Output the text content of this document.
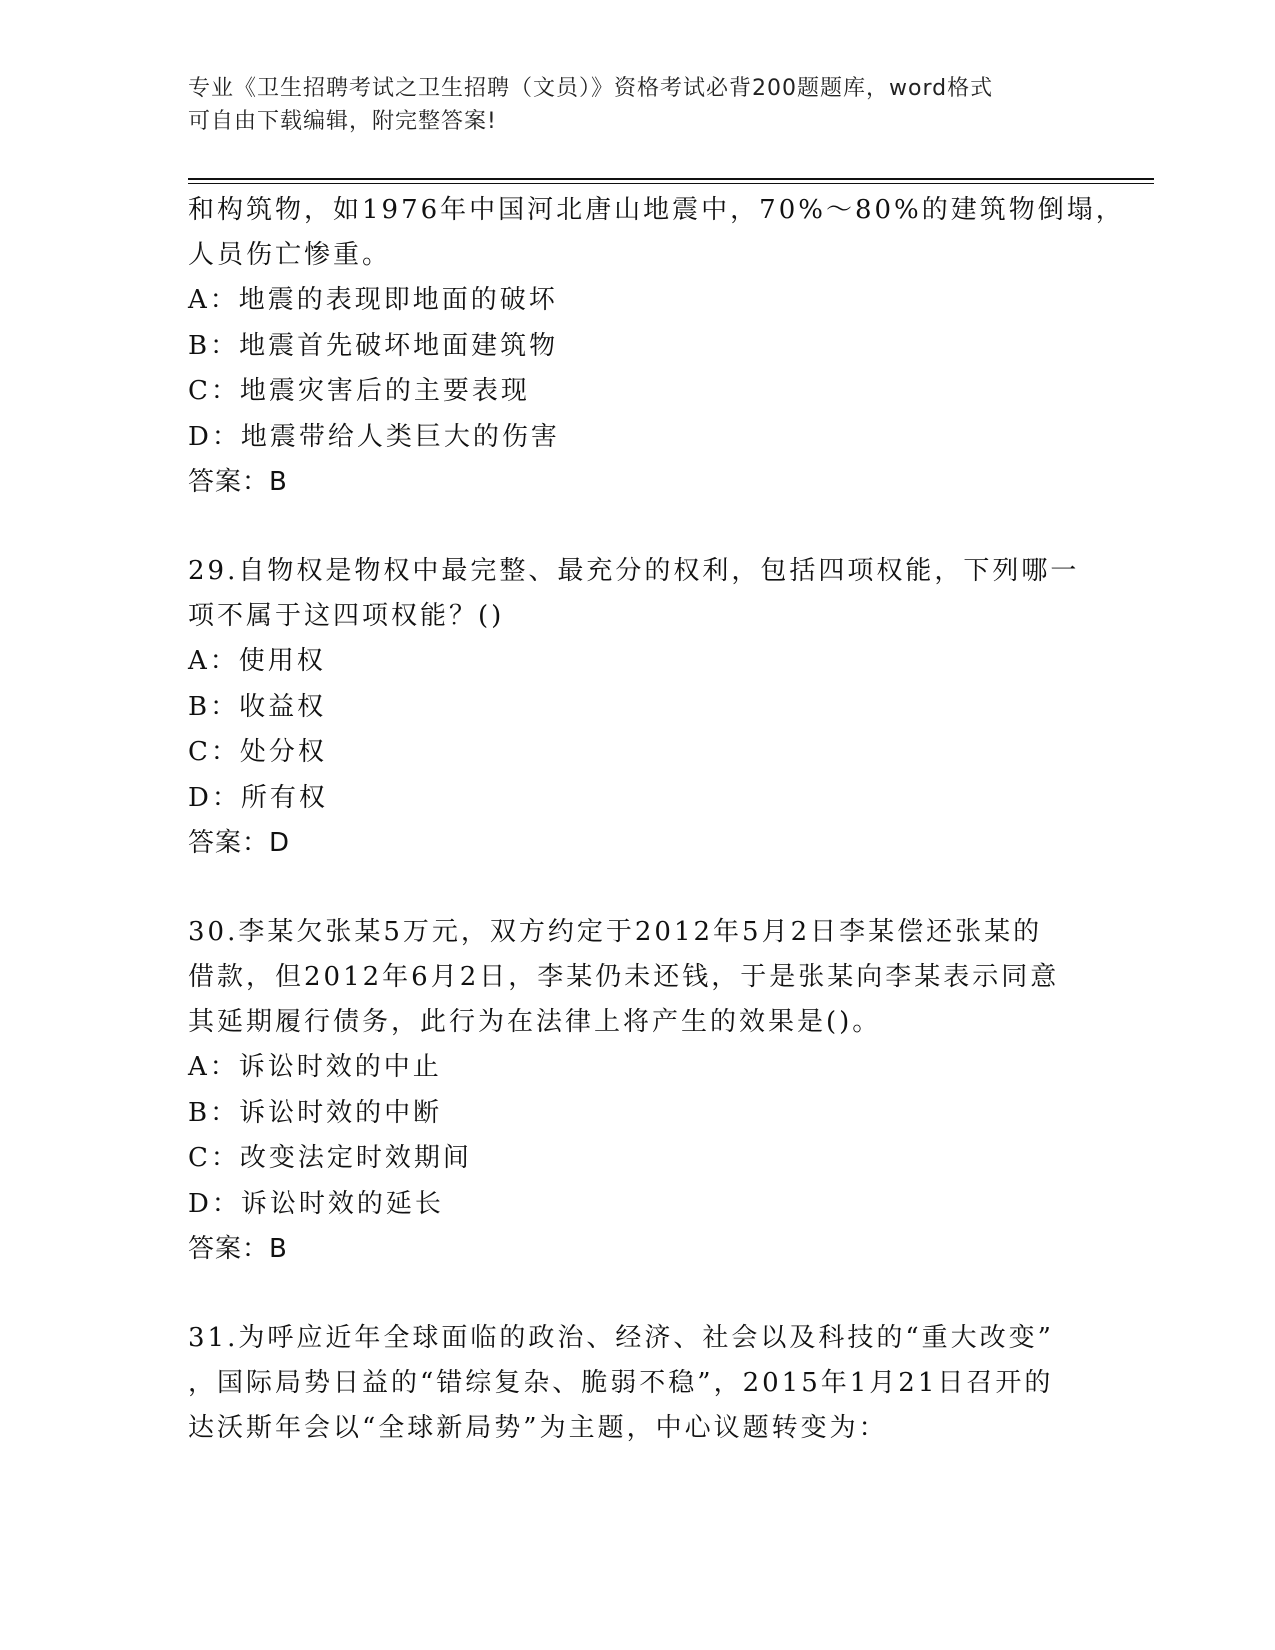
专业《卫生招聘考试之卫生招聘（文员）》资格考试必背200题题库，word格式
可自由下载编辑，附完整答案!

和构筑物，如1976年中国河北唐山地震中，70%～80%的建筑物倒塌，

人员伤亡惨重。

A：地震的表现即地面的破坏

B：地震首先破坏地面建筑物

C：地震灾害后的主要表现

D：地震带给人类巨大的伤害

答案：B

29.自物权是物权中最完整、最充分的权利，包括四项权能，下列哪一

项不属于这四项权能？()

A：使用权

B：收益权

C：处分权

D：所有权

答案：D

30.李某欠张某5万元，双方约定于2012年5月2日李某偿还张某的

借款，但2012年6月2日，李某仍未还钱，于是张某向李某表示同意

其延期履行债务，此行为在法律上将产生的效果是()。

A：诉讼时效的中止

B：诉讼时效的中断

C：改变法定时效期间

D：诉讼时效的延长

答案：B

31.为呼应近年全球面临的政治、经济、社会以及科技的“重大改变”

，国际局势日益的“错综复杂、脆弱不稳”，2015年1月21日召开的

达沃斯年会以“全球新局势”为主题，中心议题转变为：
